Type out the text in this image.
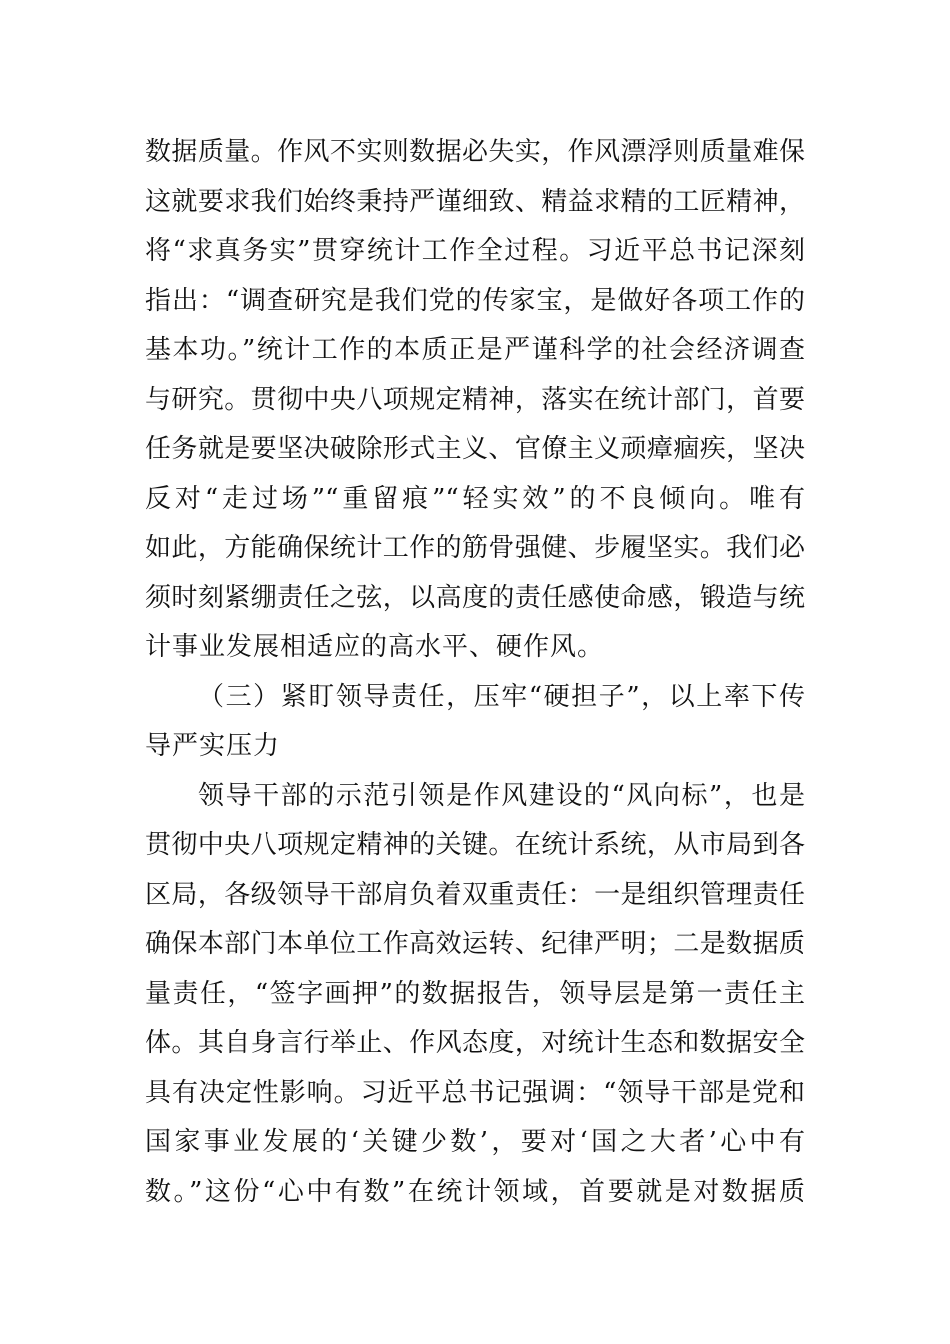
数据质量。作风不实则数据必失实，作风漂浮则质量难保
这就要求我们始终秉持严谨细致、精益求精的工匠精神，
将“求真务实”贯穿统计工作全过程。习近平总书记深刻
指出：“调查研究是我们党的传家宝，是做好各项工作的
基本功。”统计工作的本质正是严谨科学的社会经济调查
与研究。贯彻中央八项规定精神，落实在统计部门，首要
任务就是要坚决破除形式主义、官僚主义顽瘴痼疾，坚决
反对“走过场”“重留痕”“轻实效”的不良倾向。唯有
如此，方能确保统计工作的筋骨强健、步履坚实。我们必
须时刻紧绷责任之弦，以高度的责任感使命感，锻造与统
计事业发展相适应的高水平、硬作风。
（三）紧盯领导责任，压牢“硬担子”，以上率下传
导严实压力
领导干部的示范引领是作风建设的“风向标”，也是
贯彻中央八项规定精神的关键。在统计系统，从市局到各
区局，各级领导干部肩负着双重责任：一是组织管理责任
确保本部门本单位工作高效运转、纪律严明；二是数据质
量责任，“签字画押”的数据报告，领导层是第一责任主
体。其自身言行举止、作风态度，对统计生态和数据安全
具有决定性影响。习近平总书记强调：“领导干部是党和
国家事业发展的‘关键少数’，要对‘国之大者’心中有
数。”这份“心中有数”在统计领域，首要就是对数据质
